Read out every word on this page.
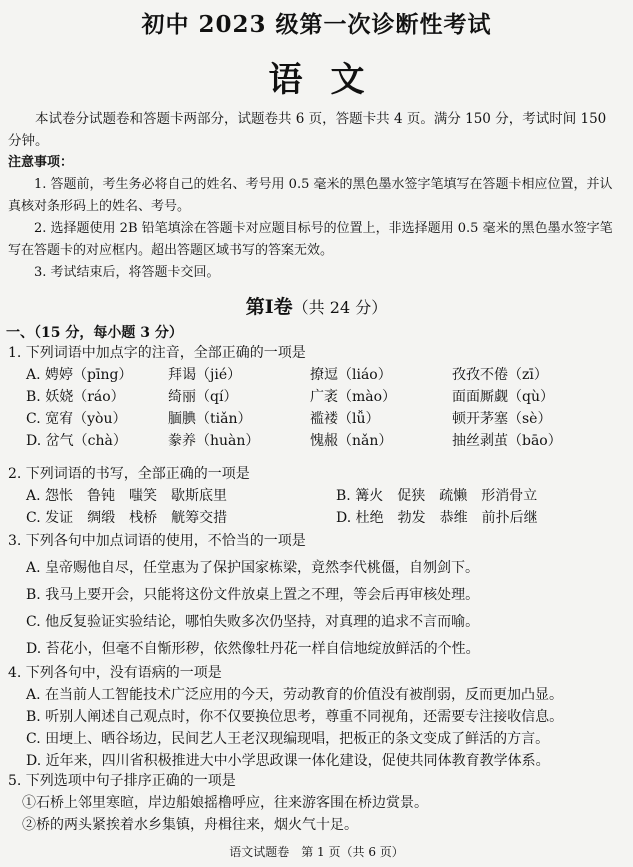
初中 2023 级第一次诊断性考试
语文

本试卷分试题卷和答题卡两部分，试题卷共 6 页，答题卡共 4 页。满分 150 分，考试时间 150 分钟。

注意事项：

1. 答题前，考生务必将自己的姓名、考号用 0.5 毫米的黑色墨水签字笔填写在答题卡相应位置，并认真核对条形码上的姓名、考号。

2. 选择题使用 2B 铅笔填涂在答题卡对应题目标号的位置上，非选择题用 0.5 毫米的黑色墨水签字笔写在答题卡的对应框内。超出答题区域书写的答案无效。

3. 考试结束后，将答题卡交回。

第Ⅰ卷（共 24 分）
一、（15 分，每小题 3 分）
1. 下列词语中加点字的注音，全部正确的一项是
A. 娉婷（pīng）	拜谒（jié）	撩逗（liáo）	孜孜不倦（zī）
B. 妖娆（ráo）	绮丽（qí）	广袤（mào）	面面厮觑（qù）
C. 宽宥（yòu）	腼腆（tiǎn）	褴褛（lǚ）	顿开茅塞（sè）
D. 岔气（chà）	豢养（huàn）	愧赧（nǎn）	抽丝剥茧（bāo）
2. 下列词语的书写，全部正确的一项是
A. 怨怅　鲁钝　嗤笑　歇斯底里	B. 篝火　促狭　疏懒　形消骨立
C. 发证　绸缎　栈桥　觥筹交措	D. 杜绝　勃发　恭维　前扑后继
3. 下列各句中加点词语的使用，不恰当的一项是
A. 皇帝赐他自尽，任堂惠为了保护国家栋梁，竟然李代桃僵，自刎剑下。
B. 我马上要开会，只能将这份文件放桌上置之不理，等会后再审核处理。
C. 他反复验证实验结论，哪怕失败多次仍坚持，对真理的追求不言而喻。
D. 苔花小，但毫不自惭形秽，依然像牡丹花一样自信地绽放鲜活的个性。
4. 下列各句中，没有语病的一项是
A. 在当前人工智能技术广泛应用的今天，劳动教育的价值没有被削弱，反而更加凸显。
B. 听别人阐述自己观点时，你不仅要换位思考，尊重不同视角，还需要专注接收信息。
C. 田埂上、晒谷场边，民间艺人王老汉现编现唱，把板正的条文变成了鲜活的方言。
D. 近年来，四川省积极推进大中小学思政课一体化建设，促使共同体教育教学体系。
5. 下列选项中句子排序正确的一项是
①石桥上邻里寒暄，岸边船娘摇橹呼应，往来游客围在桥边赏景。
②桥的两头紧挨着水乡集镇，舟楫往来，烟火气十足。
语文试题卷　第 1 页（共 6 页）
